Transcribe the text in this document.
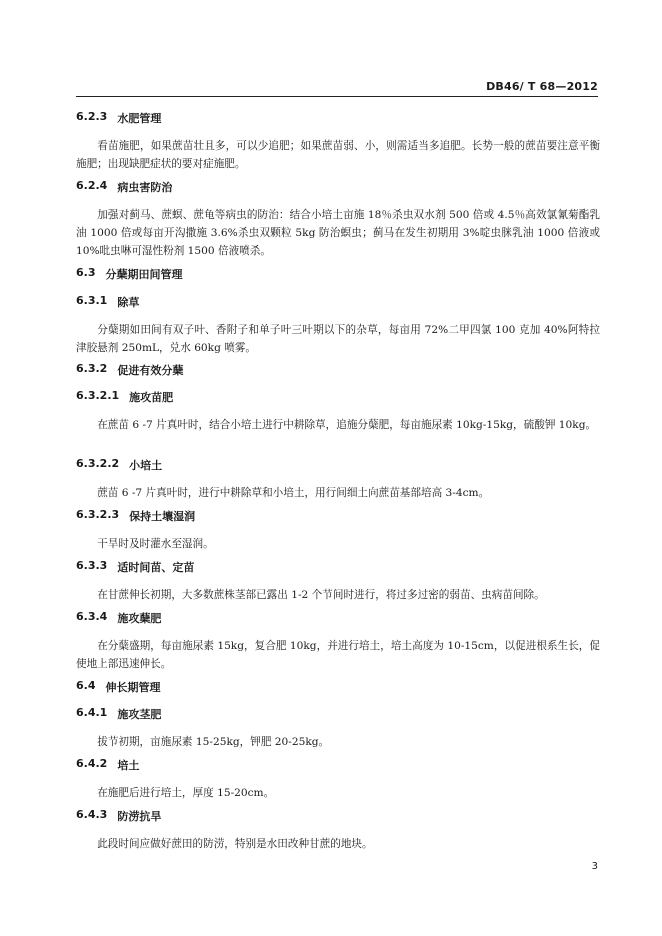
DB46/ T 68—2012
6.2.3 水肥管理

看苗施肥，如果蔗苗壮且多，可以少追肥；如果蔗苗弱、小，则需适当多追肥。长势一般的蔗苗要注意平衡施肥；出现缺肥症状的要对症施肥。

6.2.4 病虫害防治

加强对蓟马、蔗螟、蔗龟等病虫的防治：结合小培土亩施 18％杀虫双水剂 500 倍或 4.5％高效氯氰菊酯乳油 1000 倍或每亩开沟撒施 3.6%杀虫双颗粒 5kg 防治螟虫；蓟马在发生初期用 3%啶虫脒乳油 1000 倍液或 10%吡虫啉可湿性粉剂 1500 倍液喷杀。

6.3 分蘖期田间管理
6.3.1 除草

分蘖期如田间有双子叶、香附子和单子叶三叶期以下的杂草，每亩用 72%二甲四氯 100 克加 40%阿特拉津胶悬剂 250mL，兑水 60kg 喷雾。

6.3.2 促进有效分蘖
6.3.2.1 施攻苗肥

在蔗苗 6 -7 片真叶时，结合小培土进行中耕除草，追施分蘖肥，每亩施尿素 10kg-15kg，硫酸钾 10kg。

6.3.2.2 小培土

蔗苗 6 -7 片真叶时，进行中耕除草和小培土，用行间细土向蔗苗基部培高 3-4cm。

6.3.2.3 保持土壤湿润

干旱时及时灌水至湿润。

6.3.3 适时间苗、定苗

在甘蔗伸长初期，大多数蔗株茎部已露出 1-2 个节间时进行，将过多过密的弱苗、虫病苗间除。

6.3.4 施攻蘖肥

在分蘖盛期，每亩施尿素 15kg，复合肥 10kg，并进行培土，培土高度为 10-15cm，以促进根系生长，促使地上部迅速伸长。

6.4 伸长期管理
6.4.1 施攻茎肥

拔节初期，亩施尿素 15-25kg，钾肥 20-25kg。

6.4.2 培土

在施肥后进行培土，厚度 15-20cm。

6.4.3 防涝抗旱

此段时间应做好蔗田的防涝，特别是水田改种甘蔗的地块。

3
